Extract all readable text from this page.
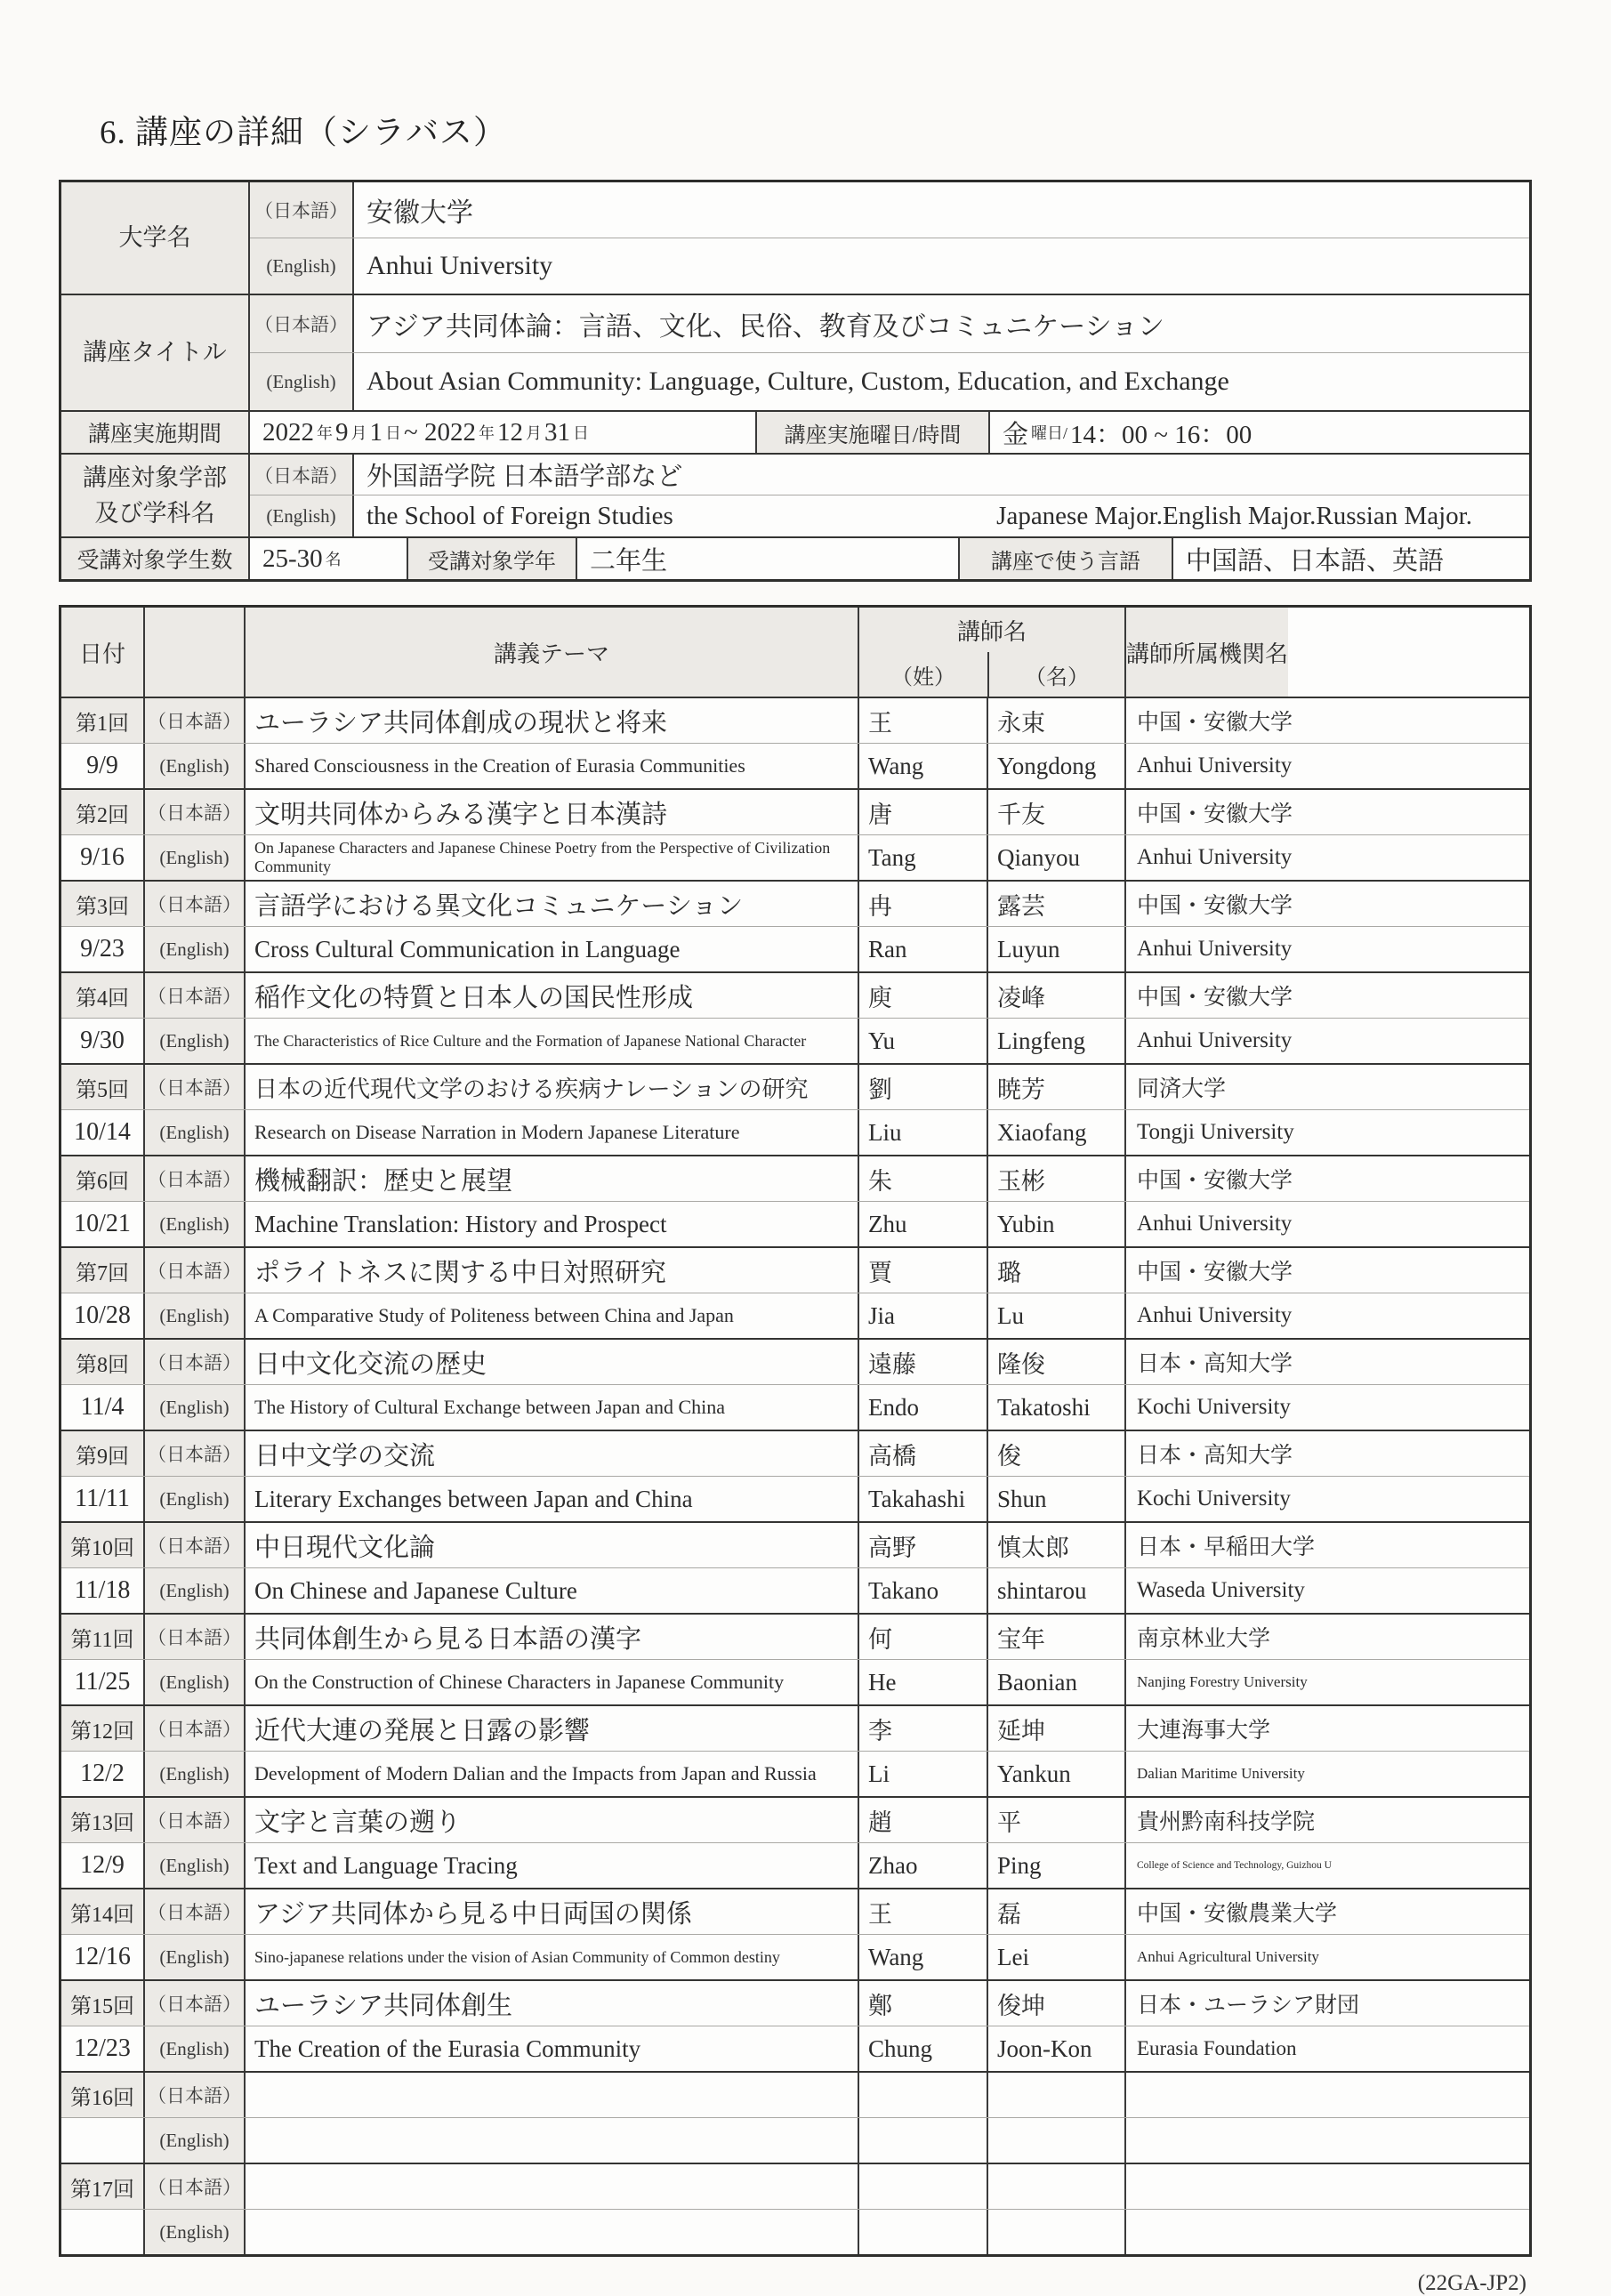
6. 講座の詳細（シラバス）
大学名
（日本語） 安徽大学
(English)	Anhui University
講座タイトル
（日本語） アジア共同体論：言語、文化、民俗、教育及びコミュニケーション
(English)	About Asian Community: Language, Culture, Custom, Education, and Exchange
講座実施期間	2022 年 9 月 1 日 ~ 2022 年 12 月 31 日	講座実施曜日/時間	金 曜日/ 14：00 ~ 16：00
講座対象学部
及び学科名
（日本語） 外国語学院 日本語学部など
(English)	the School of Foreign Studies	Japanese Major.English Major.Russian Major.
受講対象学生数	25-30 名	受講対象学年	二年生	講座で使う言語	中国語、日本語、英語
日付	講義テーマ
講師名
（姓）	（名）
講師所属機関名
第1回	（日本語） ユーラシア共同体創成の現状と将来	王	永束	中国・安徽大学
9/9	(English)	Shared Consciousness in the Creation of Eurasia Communities	Wang	Yongdong	Anhui University
第2回	（日本語） 文明共同体からみる漢字と日本漢詩	唐	千友	中国・安徽大学
9/16	(English)	On Japanese Characters and Japanese Chinese Poetry from the Perspective of Civilization Community	Tang	Qianyou	Anhui University
第3回	（日本語） 言語学における異文化コミュニケーション	冉	露芸	中国・安徽大学
9/23	(English)	Cross Cultural Communication in Language	Ran	Luyun	Anhui University
第4回	（日本語） 稲作文化の特質と日本人の国民性形成	庾	凌峰	中国・安徽大学
9/30	(English)	The Characteristics of Rice Culture and the Formation of Japanese National Character	Yu	Lingfeng	Anhui University
第5回	（日本語） 日本の近代現代文学のおける疾病ナレーションの研究	劉	暁芳	同済大学
10/14	(English)	Research on Disease Narration in Modern Japanese Literature	Liu	Xiaofang	Tongji University
第6回	（日本語） 機械翻訳：歴史と展望	朱	玉彬	中国・安徽大学
10/21	(English)	Machine Translation: History and Prospect	Zhu	Yubin	Anhui University
第7回	（日本語） ポライトネスに関する中日対照研究	賈	璐	中国・安徽大学
10/28	(English)	A Comparative Study of Politeness between China and Japan	Jia	Lu	Anhui University
第8回	（日本語） 日中文化交流の歴史	遠藤	隆俊	日本・高知大学
11/4	(English)	The History of Cultural Exchange between Japan and China	Endo	Takatoshi	Kochi University
第9回	（日本語） 日中文学の交流	高橋	俊	日本・高知大学
11/11	(English)	Literary Exchanges between Japan and China	Takahashi	Shun	Kochi University
第10回 （日本語） 中日現代文化論	高野	慎太郎	日本・早稲田大学
11/18	(English)	On Chinese and Japanese Culture	Takano	shintarou	Waseda University
第11回 （日本語） 共同体創生から見る日本語の漢字	何	宝年	南京林业大学
11/25	(English)	On the Construction of Chinese Characters in Japanese Community	He	Baonian	Nanjing Forestry University
第12回 （日本語） 近代大連の発展と日露の影響	李	延坤	大連海事大学
12/2	(English)	Development of Modern Dalian and the Impacts from Japan and Russia	Li	Yankun	Dalian Maritime University
第13回 （日本語） 文字と言葉の遡り	趙	平	貴州黔南科技学院
12/9	(English)	Text and Language Tracing	Zhao	Ping	College of Science and Technology, Guizhou U
第14回 （日本語） アジア共同体から見る中日両国の関係	王	磊	中国・安徽農業大学
12/16	(English)	Sino-japanese relations under the vision of Asian Community of Common destiny	Wang	Lei	Anhui Agricultural University
第15回 （日本語） ユーラシア共同体創生	鄭	俊坤	日本・ユーラシア財団
12/23	(English)	The Creation of the Eurasia Community	Chung	Joon-Kon	Eurasia Foundation
第16回 （日本語）
(English)
第17回 （日本語）
(English)
(22GA-JP2)
